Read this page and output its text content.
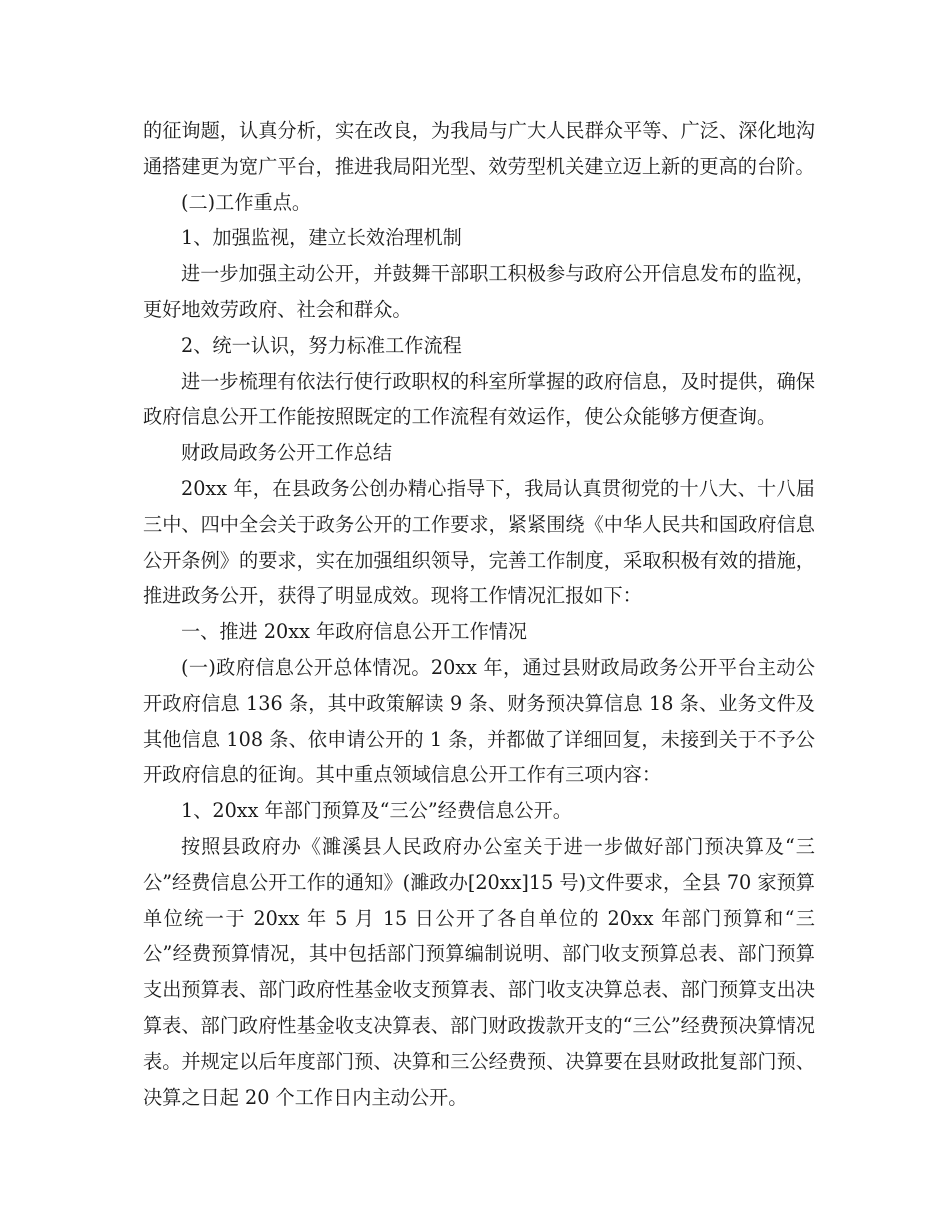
的征询题，认真分析，实在改良，为我局与广大人民群众平等、广泛、深化地沟通搭建更为宽广平台，推进我局阳光型、效劳型机关建立迈上新的更高的台阶。

(二)工作重点。

1、加强监视，建立长效治理机制

进一步加强主动公开，并鼓舞干部职工积极参与政府公开信息发布的监视，更好地效劳政府、社会和群众。

2、统一认识，努力标准工作流程

进一步梳理有依法行使行政职权的科室所掌握的政府信息，及时提供，确保政府信息公开工作能按照既定的工作流程有效运作，使公众能够方便查询。

财政局政务公开工作总结

20xx 年，在县政务公创办精心指导下，我局认真贯彻党的十八大、十八届三中、四中全会关于政务公开的工作要求，紧紧围绕《中华人民共和国政府信息公开条例》的要求，实在加强组织领导，完善工作制度，采取积极有效的措施，推进政务公开，获得了明显成效。现将工作情况汇报如下：

一、推进 20xx 年政府信息公开工作情况

(一)政府信息公开总体情况。20xx 年，通过县财政局政务公开平台主动公开政府信息 136 条，其中政策解读 9 条、财务预决算信息 18 条、业务文件及其他信息 108 条、依申请公开的 1 条，并都做了详细回复，未接到关于不予公开政府信息的征询。其中重点领域信息公开工作有三项内容：

1、20xx 年部门预算及“三公”经费信息公开。

按照县政府办《濉溪县人民政府办公室关于进一步做好部门预决算及“三公”经费信息公开工作的通知》(濉政办[20xx]15 号)文件要求，全县 70 家预算单位统一于 20xx 年 5 月 15 日公开了各自单位的 20xx 年部门预算和“三公”经费预算情况，其中包括部门预算编制说明、部门收支预算总表、部门预算支出预算表、部门政府性基金收支预算表、部门收支决算总表、部门预算支出决算表、部门政府性基金收支决算表、部门财政拨款开支的“三公”经费预决算情况表。并规定以后年度部门预、决算和三公经费预、决算要在县财政批复部门预、决算之日起 20 个工作日内主动公开。
